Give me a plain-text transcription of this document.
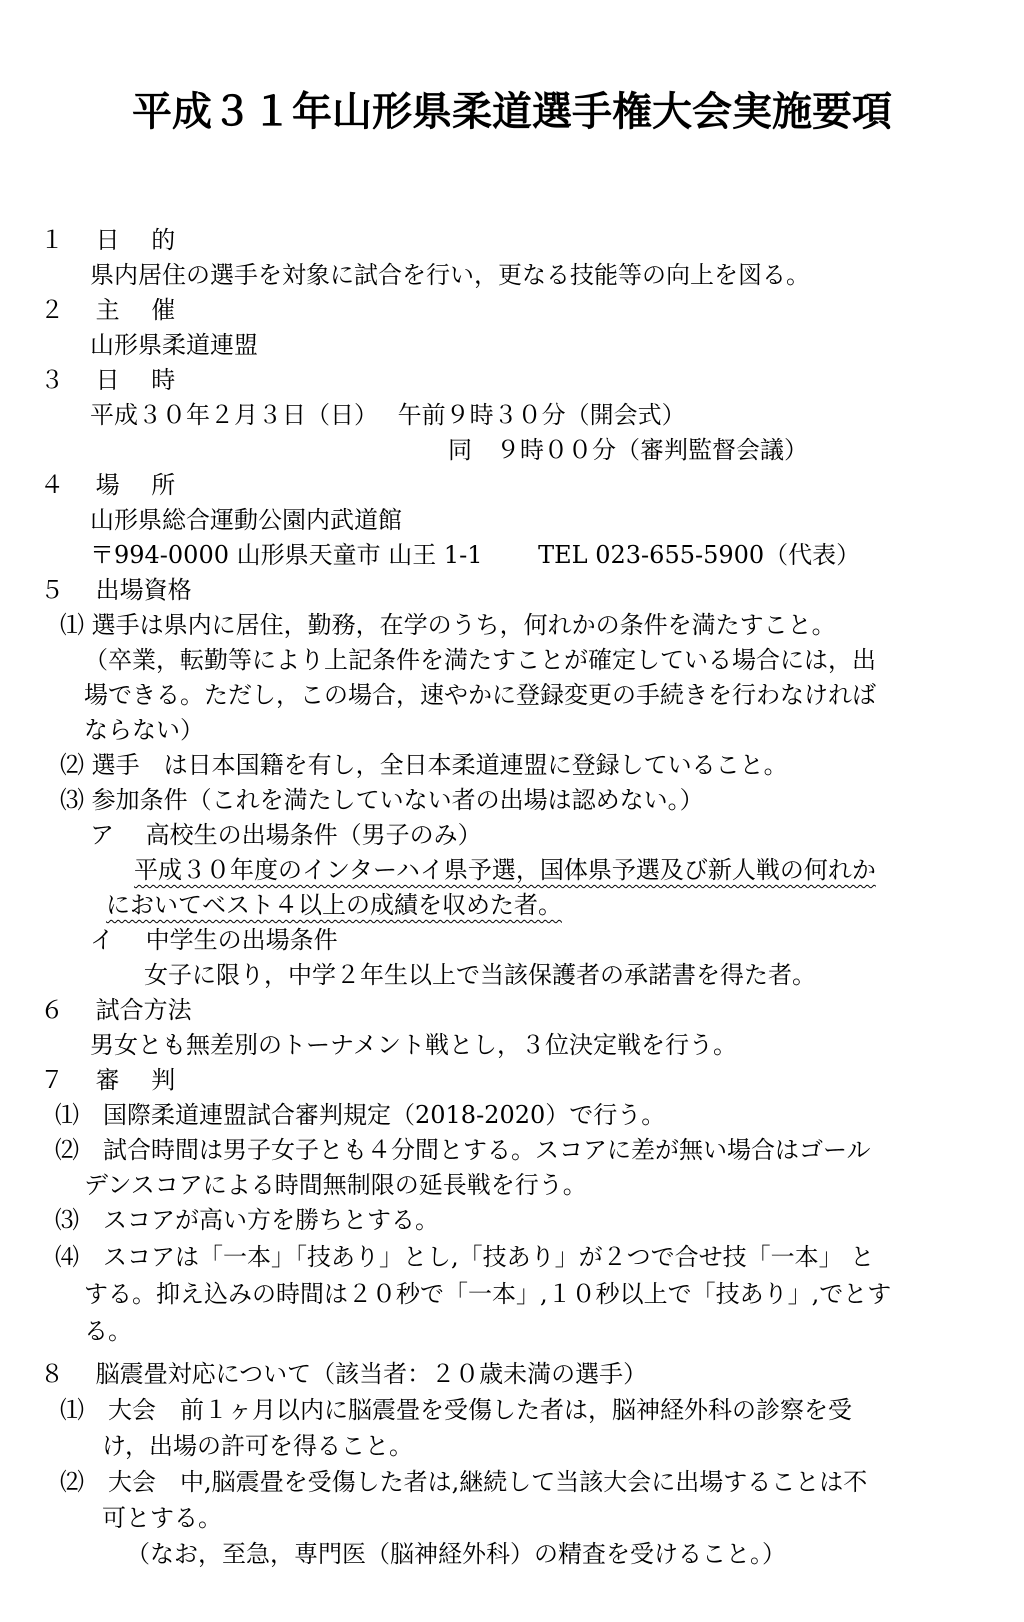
平成３１年山形県柔道選手権大会実施要項
１　 日　 的
県内居住の選手を対象に試合を行い，更なる技能等の向上を図る。
２　 主　 催
山形県柔道連盟
３　 日　 時
平成３０年２月３日（日）　 午前９時３０分（開会式）
同　９時００分（審判監督会議）
４　 場　 所
山形県総合運動公園内武道館
〒994-0000 山形県天童市 山王 1-1　　 TEL 023-655-5900（代表）
５　 出場資格
⑴ 選手は県内に居住，勤務，在学のうち，何れかの条件を満たすこと。
（卒業，転勤等により上記条件を満たすことが確定している場合には，出
場できる。ただし，この場合，速やかに登録変更の手続きを行わなければ
ならない）
⑵ 選手　は日本国籍を有し，全日本柔道連盟に登録していること。
⑶ 参加条件（これを満たしていない者の出場は認めない。）
ア　 高校生の出場条件（男子のみ）
平成３０年度のインターハイ県予選，国体県予選及び新人戦の何れか
においてベスト４以上の成績を収めた者。
イ　 中学生の出場条件
女子に限り，中学２年生以上で当該保護者の承諾書を得た者。
６　 試合方法
男女とも無差別のトーナメント戦とし，３位決定戦を行う。
７　 審　 判
⑴　国際柔道連盟試合審判規定（2018-2020）で行う。
⑵　試合時間は男子女子とも４分間とする。スコアに差が無い場合はゴール
デンスコアによる時間無制限の延長戦を行う。
⑶　スコアが高い方を勝ちとする。
⑷　スコアは「一本」「技あり」とし,「技あり」が２つで合せ技「一本」 と
する。抑え込みの時間は２０秒で「一本」,１０秒以上で「技あり」,でとす
る。
８　 脳震畳対応について（該当者：２０歳未満の選手）
⑴　大会　前１ヶ月以内に脳震畳を受傷した者は，脳神経外科の診察を受
け，出場の許可を得ること。
⑵　大会　中,脳震畳を受傷した者は,継続して当該大会に出場することは不
可とする。
（なお，至急，専門医（脳神経外科）の精査を受けること。）
